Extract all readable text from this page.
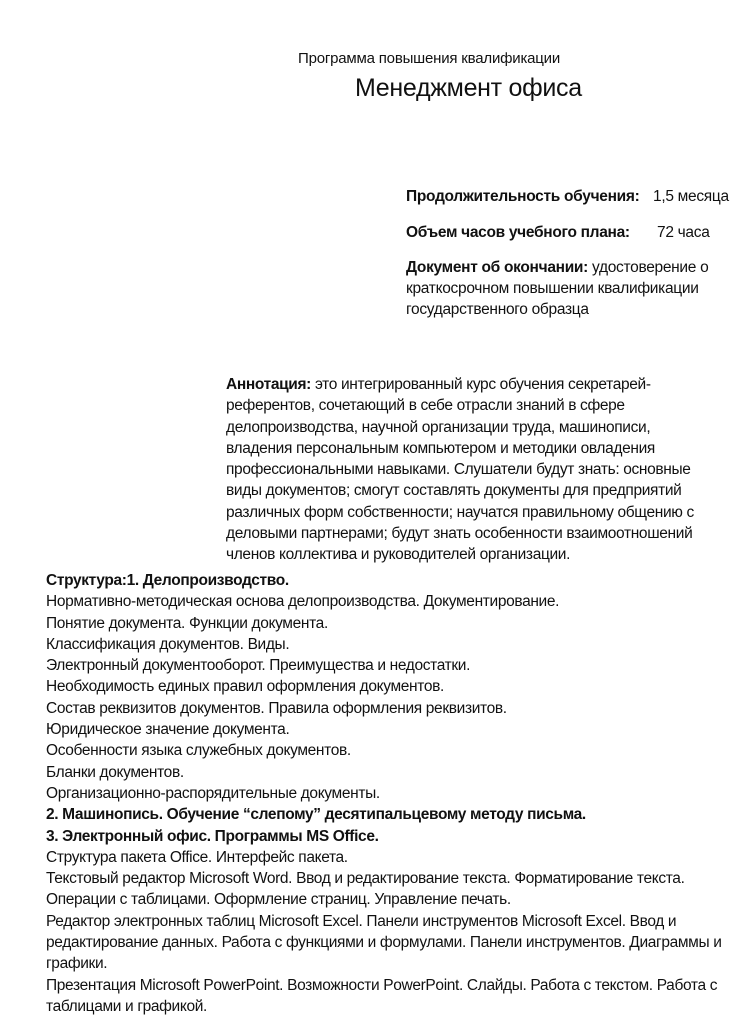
Программа повышения квалификации
Менеджмент офиса
Продолжительность обучения: 1,5 месяца
Объем часов учебного плана: 72 часа
Документ об окончании: удостоверение о краткосрочном повышении квалификации государственного образца
Аннотация: это интегрированный курс обучения секретарей-референтов, сочетающий в себе отрасли знаний в сфере делопроизводства, научной организации труда, машинописи, владения персональным компьютером и методики овладения профессиональными навыками. Слушатели будут знать: основные виды документов; смогут составлять документы для предприятий различных форм собственности; научатся правильному общению с деловыми партнерами; будут знать особенности взаимоотношений членов коллектива и руководителей организации.
Структура:1. Делопроизводство.
Нормативно-методическая основа делопроизводства. Документирование.
Понятие документа. Функции документа.
Классификация документов. Виды.
Электронный документооборот. Преимущества и недостатки.
Необходимость единых правил оформления документов.
Состав реквизитов документов. Правила оформления реквизитов.
Юридическое значение документа.
Особенности языка служебных документов.
Бланки документов.
Организационно-распорядительные документы.
2. Машинопись. Обучение “слепому” десятипальцевому методу письма.
3. Электронный офис. Программы MS Office.
Структура пакета Office. Интерфейс пакета.
Текстовый редактор Microsoft Word. Ввод и редактирование текста. Форматирование текста.
Операции с таблицами. Оформление страниц. Управление печать.
Редактор электронных таблиц Microsoft Excel. Панели инструментов Microsoft Excel. Ввод и редактирование данных. Работа с функциями и формулами. Панели инструментов. Диаграммы и графики.
Презентация Microsoft PowerPoint. Возможности PowerPoint. Слайды. Работа с текстом. Работа с таблицами и графикой.
